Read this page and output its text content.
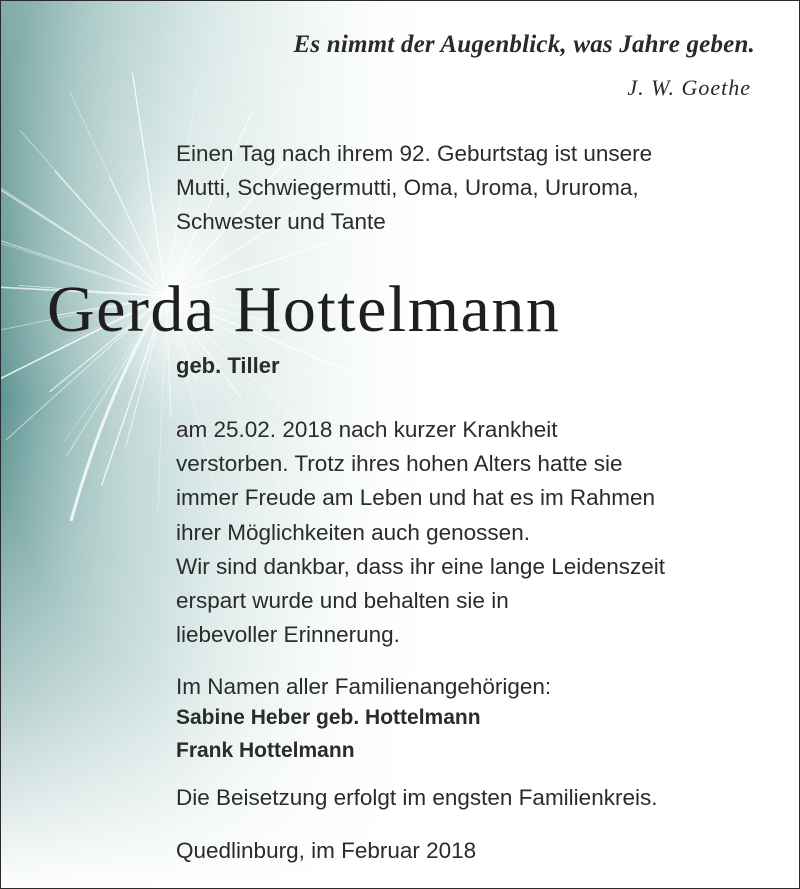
Es nimmt der Augenblick, was Jahre geben.
J. W. Goethe
Einen Tag nach ihrem 92. Geburtstag ist unsere
Mutti, Schwiegermutti, Oma, Uroma, Ururoma,
Schwester und Tante
Gerda Hottelmann
geb. Tiller
am 25.02. 2018 nach kurzer Krankheit
verstorben. Trotz ihres hohen Alters hatte sie
immer Freude am Leben und hat es im Rahmen
ihrer Möglichkeiten auch genossen.
Wir sind dankbar, dass ihr eine lange Leidenszeit
erspart wurde und behalten sie in
liebevoller Erinnerung.
Im Namen aller Familienangehörigen:
Sabine Heber geb. Hottelmann
Frank Hottelmann
Die Beisetzung erfolgt im engsten Familienkreis.
Quedlinburg, im Februar 2018
